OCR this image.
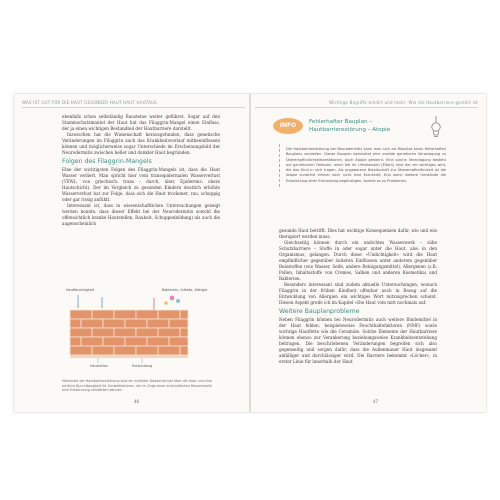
WAS IST GUT FÜR DIE HAUT GESUNDER HAUT HAUT HAUTAUS

ebenfalls schon selbständig Bausteine weiter geführet. Sogar auf den Stammschutzmantel der Haut hat das Filaggrin-Mangel einen Einfluss, der ja einen wichtigen Bestandteil der Hautbarriere darstellt.

Inzwischen hat die Wissenschaft herausgefunden, dass genetische Veränderungen im Filaggrin auch das Krankheitsverlauf mitbeeinflussen können und möglicherweise sogar Unterschiede im Erscheinungsbild der Neurodermitis zwischen heller und dunkler Haut begründen.

Folgen des Filaggrin-Mangels

Eine der wichtigsten Folgen des Filaggrin-Mangels ist, dass die Haut Wasser verliert. Man spricht hier vom transepidermalen Wasserverlust (TEWL, von griechisch: trans – durch, über, Epidermis: obere Hautschicht). Der im Vergleich zu gesunden Kindern deutlich erhöhte Wasserverlust hat zur Folge, dass sich die Haut trockener, rau, schuppig oder gar rissig anfühlt.

Interessant ist, dass in wissenschaftlichen Untersuchungen gezeigt werden konnte, dass dieser Effekt bei der Neurodermitis sowohl die offensichtlich kranke Hautstellen, Rauheit, Schuppenbildung) als auch die augenscheinlich

Hautfeuchtigkeit	Bakterien, Infekte, Allergie
Hautzellen	Entzündung
Merkmale der Hautbarrierestörung sind ein erhöhter Wasserverlust über die Haut und eine erhöhte Durchlässigkeit für Umweltfaktoren, die im Zuge einer entzündlichen Reizschwelle eine Entzündung verstärken können.
46
Wichtige Begriffe erklärt und mehr: Wie die Hautbarriere gestört ist
INFO	Fehlerhafter Bauplan – Hautbarrierestörung – Atopie
Die Hautbarrierestörung bei Neurodermitis kann man sich als Resultat eines fehlerhaften Bauplans vorstellen. Dieser Bauplan beinhaltet eine ererbte genetische Veranlagung zu Überempfindlichkeitsreaktionen, auch Atopie genannt. Eine solche Veranlagung besteht auf genetischen Faktoren, wenn bei ihr Urhebenden (Eltern) eine der ein wichtiges wird, die das Kind in sich tragen. Als angeborene Bereitschaft zur Überempfindlichkeit ist die Atopie zunächst einmal noch nicht eine Krankheit. Erst wenn weitere Umstände die Entwicklung einer Erkrankung begünstigen, kommt es zu Problemen.

gesunde Haut betrifft. Dies hat wichtige Konsequenzen dafür, wie und wie therapiert werden muss.

Gleichzeitig können durch ein undichtes Wasserwerk – zähe Schutzbarriere – Stoffe in oder sogar unter die Haut, also in den Organismus, gelangen. Durch diese »Undichtigkeit« wird die Haut empfindlicher gegenüber äußeren Einflüssen unter anderem gegenüber Reizstoffen (wie Wasser, Seife, andere Reinigungsmittel), Allergenen (z.B. Pollen, Inhaltsstoffe von Cremes, Salben und anderen Kosmetika) und Bakterien.

Besonders interessant sind zudem aktuelle Untersuchungen, wonach Filaggrin in der frühen Kindheit offenbar auch in Bezug auf die Entwicklung von Allergien ein wichtiges Wort mitzusprechen scheint. Diesen Aspekt greife ich im Kapitel »Die Haut vom mitt nochmals auf.

Weitere Bauplanprobleme

Neben Filaggrin können bei Neurodermitis auch weitere Bindemittel in der Haut fehlen, beispielsweise Feuchthaltefaktoren (NMF) sowie wichtige Hautfette wie die Ceramide. Solche Elemente der Hautbarriere können ebenso zur Verankerung beziehungsweise Krankheitsentstehung beitragen. Die beschriebenen Veränderungen begreifen sich also gegenseitig und sorgen dafür, dass die Außenmauer Haut insgesamt anfälliger und durchlässiger wird. Die Barriere bekommt »Löcher«, in erster Linie für innerhalb der Haut

47
